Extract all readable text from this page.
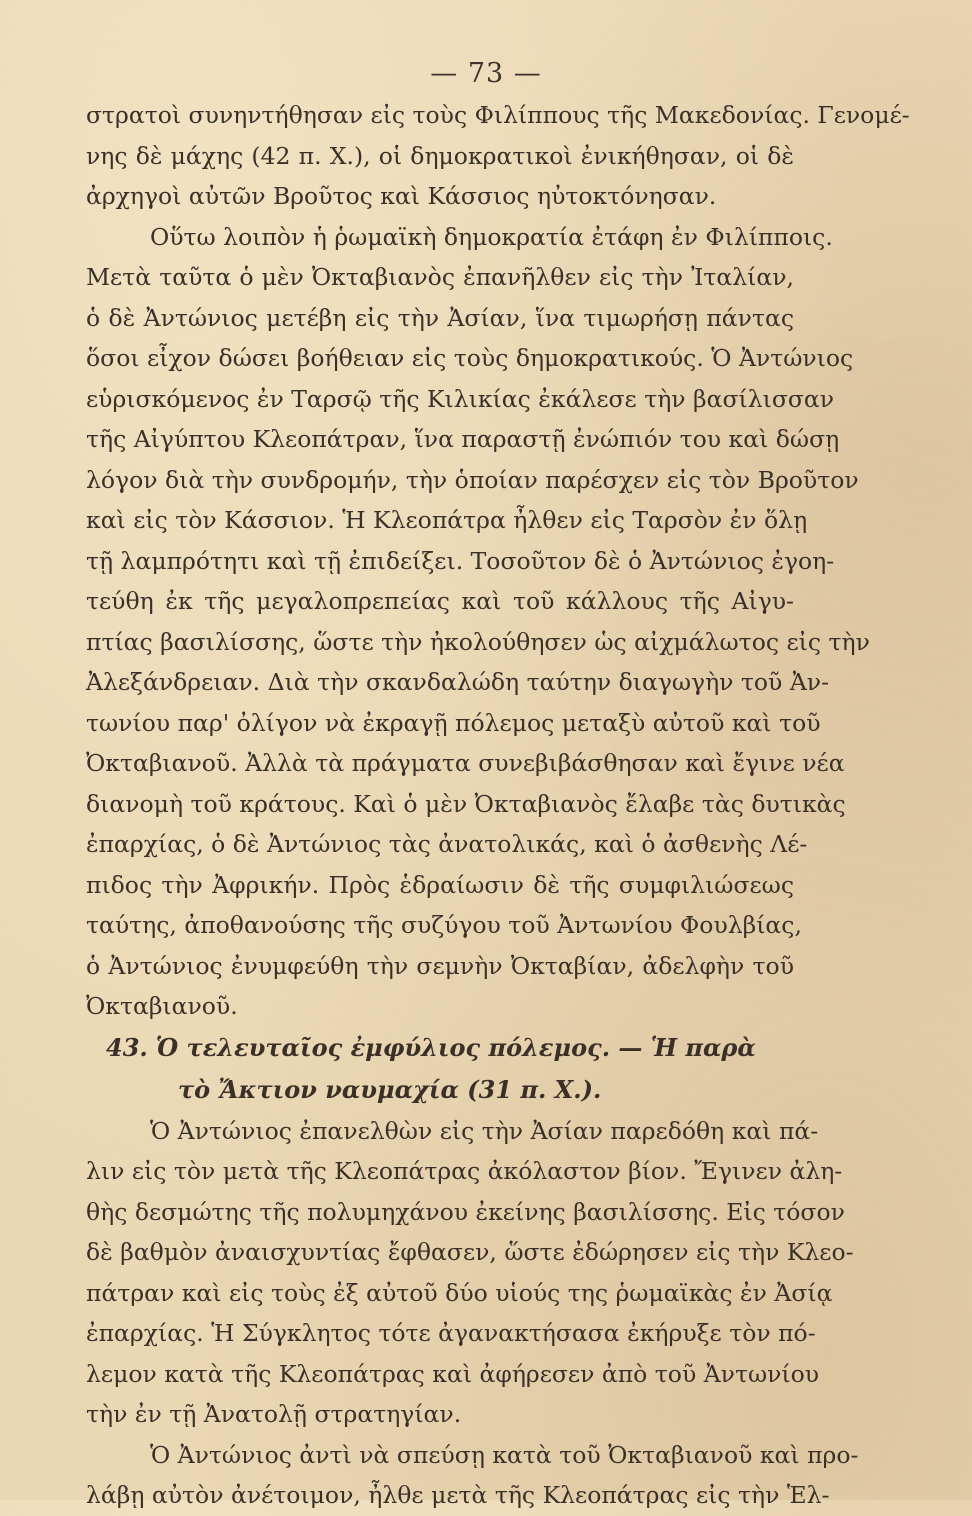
— 73 —
στρατοὶ συνηντήθησαν εἰς τοὺς Φιλίππους τῆς Μακεδονίας. Γενομέ-
νης δὲ μάχης (42 π. Χ.), οἱ δημοκρατικοὶ ἐνικήθησαν, οἱ δὲ
ἀρχηγοὶ αὐτῶν Βροῦτος καὶ Κάσσιος ηὐτοκτόνησαν.
Οὕτω λοιπὸν ἡ ῥωμαϊκὴ δημοκρατία ἐτάφη ἐν Φιλίπποις.
Μετὰ ταῦτα ὁ μὲν Ὀκταβιανὸς ἐπανῆλθεν εἰς τὴν Ἰταλίαν,
ὁ δὲ Ἀντώνιος μετέβη εἰς τὴν Ἀσίαν, ἵνα τιμωρήσῃ πάντας
ὅσοι εἶχον δώσει βοήθειαν εἰς τοὺς δημοκρατικούς. Ὁ Ἀντώνιος
εὑρισκόμενος ἐν Ταρσῷ τῆς Κιλικίας ἐκάλεσε τὴν βασίλισσαν
τῆς Αἰγύπτου Κλεοπάτραν, ἵνα παραστῇ ἐνώπιόν του καὶ δώσῃ
λόγον διὰ τὴν συνδρομήν, τὴν ὁποίαν παρέσχεν εἰς τὸν Βροῦτον
καὶ εἰς τὸν Κάσσιον. Ἡ Κλεοπάτρα ἦλθεν εἰς Ταρσὸν ἐν ὅλῃ
τῇ λαμπρότητι καὶ τῇ ἐπιδείξει. Τοσοῦτον δὲ ὁ Ἀντώνιος ἐγοη-
τεύθη ἐκ τῆς μεγαλοπρεπείας καὶ τοῦ κάλλους τῆς Αἰγυ-
πτίας βασιλίσσης, ὥστε τὴν ἠκολούθησεν ὡς αἰχμάλωτος εἰς τὴν
Ἀλεξάνδρειαν. Διὰ τὴν σκανδαλώδη ταύτην διαγωγὴν τοῦ Ἀν-
τωνίου παρ' ὀλίγον νὰ ἐκραγῇ πόλεμος μεταξὺ αὐτοῦ καὶ τοῦ
Ὀκταβιανοῦ. Ἀλλὰ τὰ πράγματα συνεβιβάσθησαν καὶ ἔγινε νέα
διανομὴ τοῦ κράτους. Καὶ ὁ μὲν Ὀκταβιανὸς ἔλαβε τὰς δυτικὰς
ἐπαρχίας, ὁ δὲ Ἀντώνιος τὰς ἀνατολικάς, καὶ ὁ ἀσθενὴς Λέ-
πιδος τὴν Ἀφρικήν. Πρὸς ἑδραίωσιν δὲ τῆς συμφιλιώσεως
ταύτης, ἀποθανούσης τῆς συζύγου τοῦ Ἀντωνίου Φουλβίας,
ὁ Ἀντώνιος ἐνυμφεύθη τὴν σεμνὴν Ὀκταβίαν, ἀδελφὴν τοῦ
Ὀκταβιανοῦ.
43. Ὁ τελευταῖος ἐμφύλιος πόλεμος. — Ἡ παρὰ
τὸ Ἄκτιον ναυμαχία (31 π. Χ.).
Ὁ Ἀντώνιος ἐπανελθὼν εἰς τὴν Ἀσίαν παρεδόθη καὶ πά-
λιν εἰς τὸν μετὰ τῆς Κλεοπάτρας ἀκόλαστον βίον. Ἔγινεν ἀλη-
θὴς δεσμώτης τῆς πολυμηχάνου ἐκείνης βασιλίσσης. Εἰς τόσον
δὲ βαθμὸν ἀναισχυντίας ἔφθασεν, ὥστε ἐδώρησεν εἰς τὴν Κλεο-
πάτραν καὶ εἰς τοὺς ἐξ αὐτοῦ δύο υἱούς της ῥωμαϊκὰς ἐν Ἀσίᾳ
ἐπαρχίας. Ἡ Σύγκλητος τότε ἀγανακτήσασα ἐκήρυξε τὸν πό-
λεμον κατὰ τῆς Κλεοπάτρας καὶ ἀφήρεσεν ἀπὸ τοῦ Ἀντωνίου
τὴν ἐν τῇ Ἀνατολῇ στρατηγίαν.
Ὁ Ἀντώνιος ἀντὶ νὰ σπεύσῃ κατὰ τοῦ Ὀκταβιανοῦ καὶ προ-
λάβῃ αὐτὸν ἀνέτοιμον, ἦλθε μετὰ τῆς Κλεοπάτρας εἰς τὴν Ἑλ-
